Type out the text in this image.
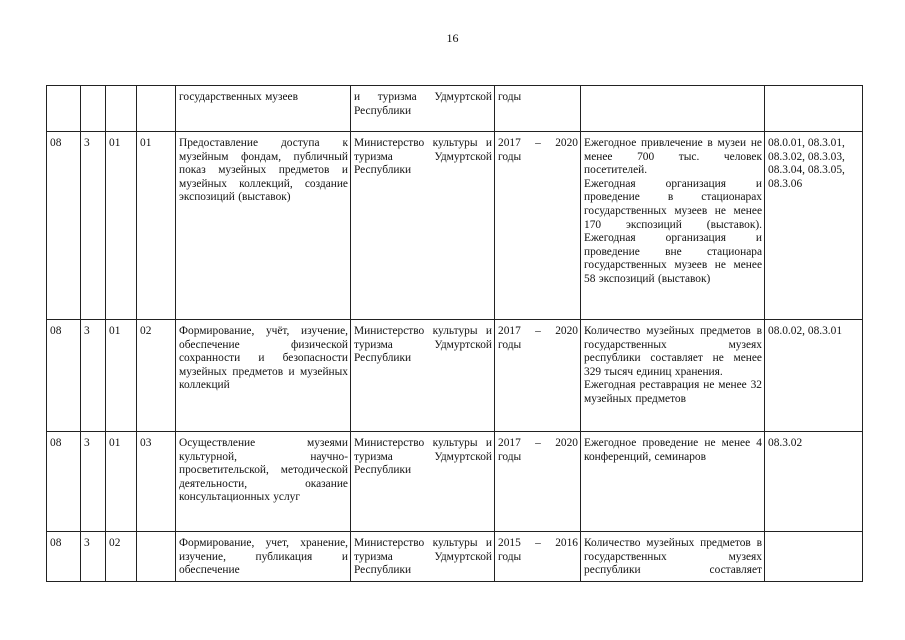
16

				государственных музеев	и туризма Удмуртской Республики	годы	

08	3	01	01	Предоставление доступа к музейным фондам, публичный показ музейных предметов и музейных коллекций, создание экспозиций (выставок)	Министерство культуры и туризма Удмуртской Республики	2017 – 2020 годы	Ежегодное привлечение в музеи не менее 700 тыс. человек посетителей.
Ежегодная организация и проведение в стационарах государственных музеев не менее 170 экспозиций (выставок). Ежегодная организация и проведение вне стационара государственных музеев не менее 58 экспозиций (выставок)	08.0.01, 08.3.01, 08.3.02, 08.3.03, 08.3.04, 08.3.05, 08.3.06
08	3	01	02	Формирование, учёт, изучение, обеспечение физической сохранности и безопасности музейных предметов и музейных коллекций	Министерство культуры и туризма Удмуртской Республики	2017 – 2020 годы	Количество музейных предметов в государственных музеях республики составляет не менее 329 тысяч единиц хранения.
Ежегодная реставрация не менее 32 музейных предметов	08.0.02, 08.3.01
08	3	01	03	Осуществление музеями культурной, научно-просветительской, методической деятельности, оказание консультационных услуг	Министерство культуры и туризма Удмуртской Республики	2017 – 2020 годы	Ежегодное проведение не менее 4 конференций, семинаров	08.3.02
08	3	02		Формирование, учет, хранение, изучение, публикация и обеспечение	Министерство культуры и туризма Удмуртской Республики	2015 – 2016 годы	Количество музейных предметов в государственных музеях республики составляет	
